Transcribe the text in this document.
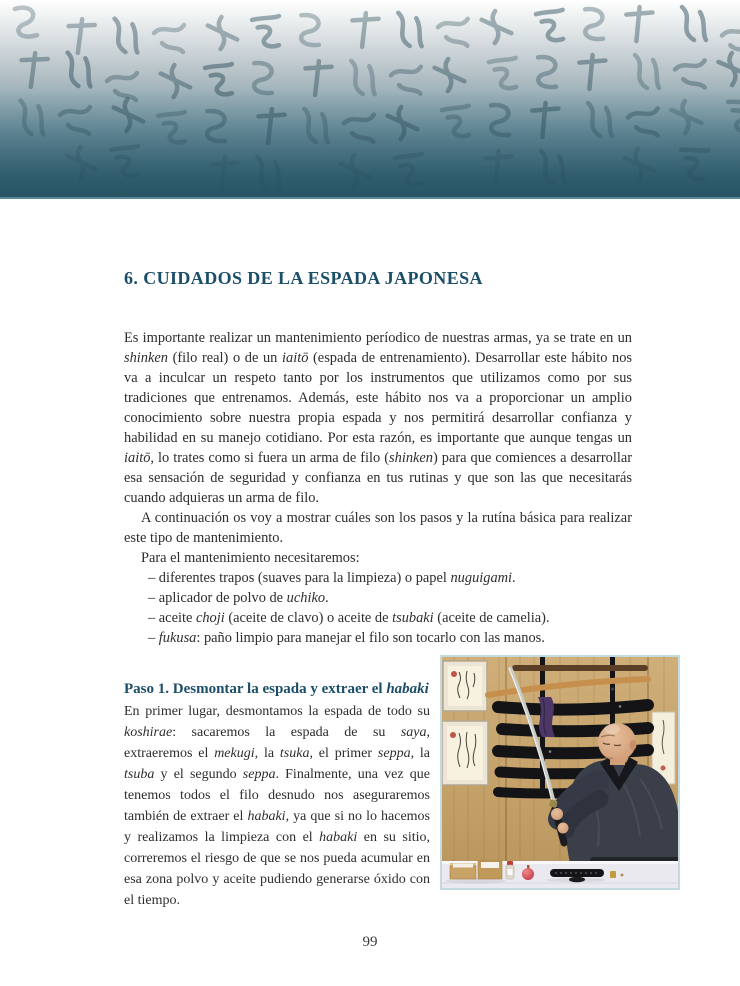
6. CUIDADOS DE LA ESPADA JAPONESA

Es importante realizar un mantenimiento períodico de nuestras armas, ya se trate en un shinken (filo real) o de un iaitō (espada de entrenamiento). Desarrollar este hábito nos va a inculcar un respeto tanto por los instrumentos que utilizamos como por sus tradiciones que entrenamos. Además, este hábito nos va a proporcionar un amplio conocimiento sobre nuestra propia espada y nos permitirá desarrollar confianza y habilidad en su manejo cotidiano. Por esta razón, es importante que aunque tengas un iaitō, lo trates como si fuera un arma de filo (shinken) para que comiences a desarrollar esa sensación de seguridad y confianza en tus rutinas y que son las que necesitarás cuando adquieras un arma de filo.

A continuación os voy a mostrar cuáles son los pasos y la rutína básica para realizar este tipo de mantenimiento.

Para el mantenimiento necesitaremos:

– diferentes trapos (suaves para la limpieza) o papel nuguigami.
– aplicador de polvo de uchiko.
– aceite choji (aceite de clavo) o aceite de tsubaki (aceite de camelia).
– fukusa: paño limpio para manejar el filo son tocarlo con las manos.
Paso 1. Desmontar la espada y extraer el habaki

En primer lugar, desmontamos la espada de todo su koshirae: sacaremos la espada de su saya, extraeremos el mekugi, la tsuka, el primer seppa, la tsuba y el segundo seppa. Finalmente, una vez que tenemos todos el filo desnudo nos aseguraremos también de extraer el habaki, ya que si no lo hacemos y realizamos la limpieza con el habaki en su sitio, correremos el riesgo de que se nos pueda acumular en esa zona polvo y aceite pudiendo generarse óxido con el tiempo.

99
